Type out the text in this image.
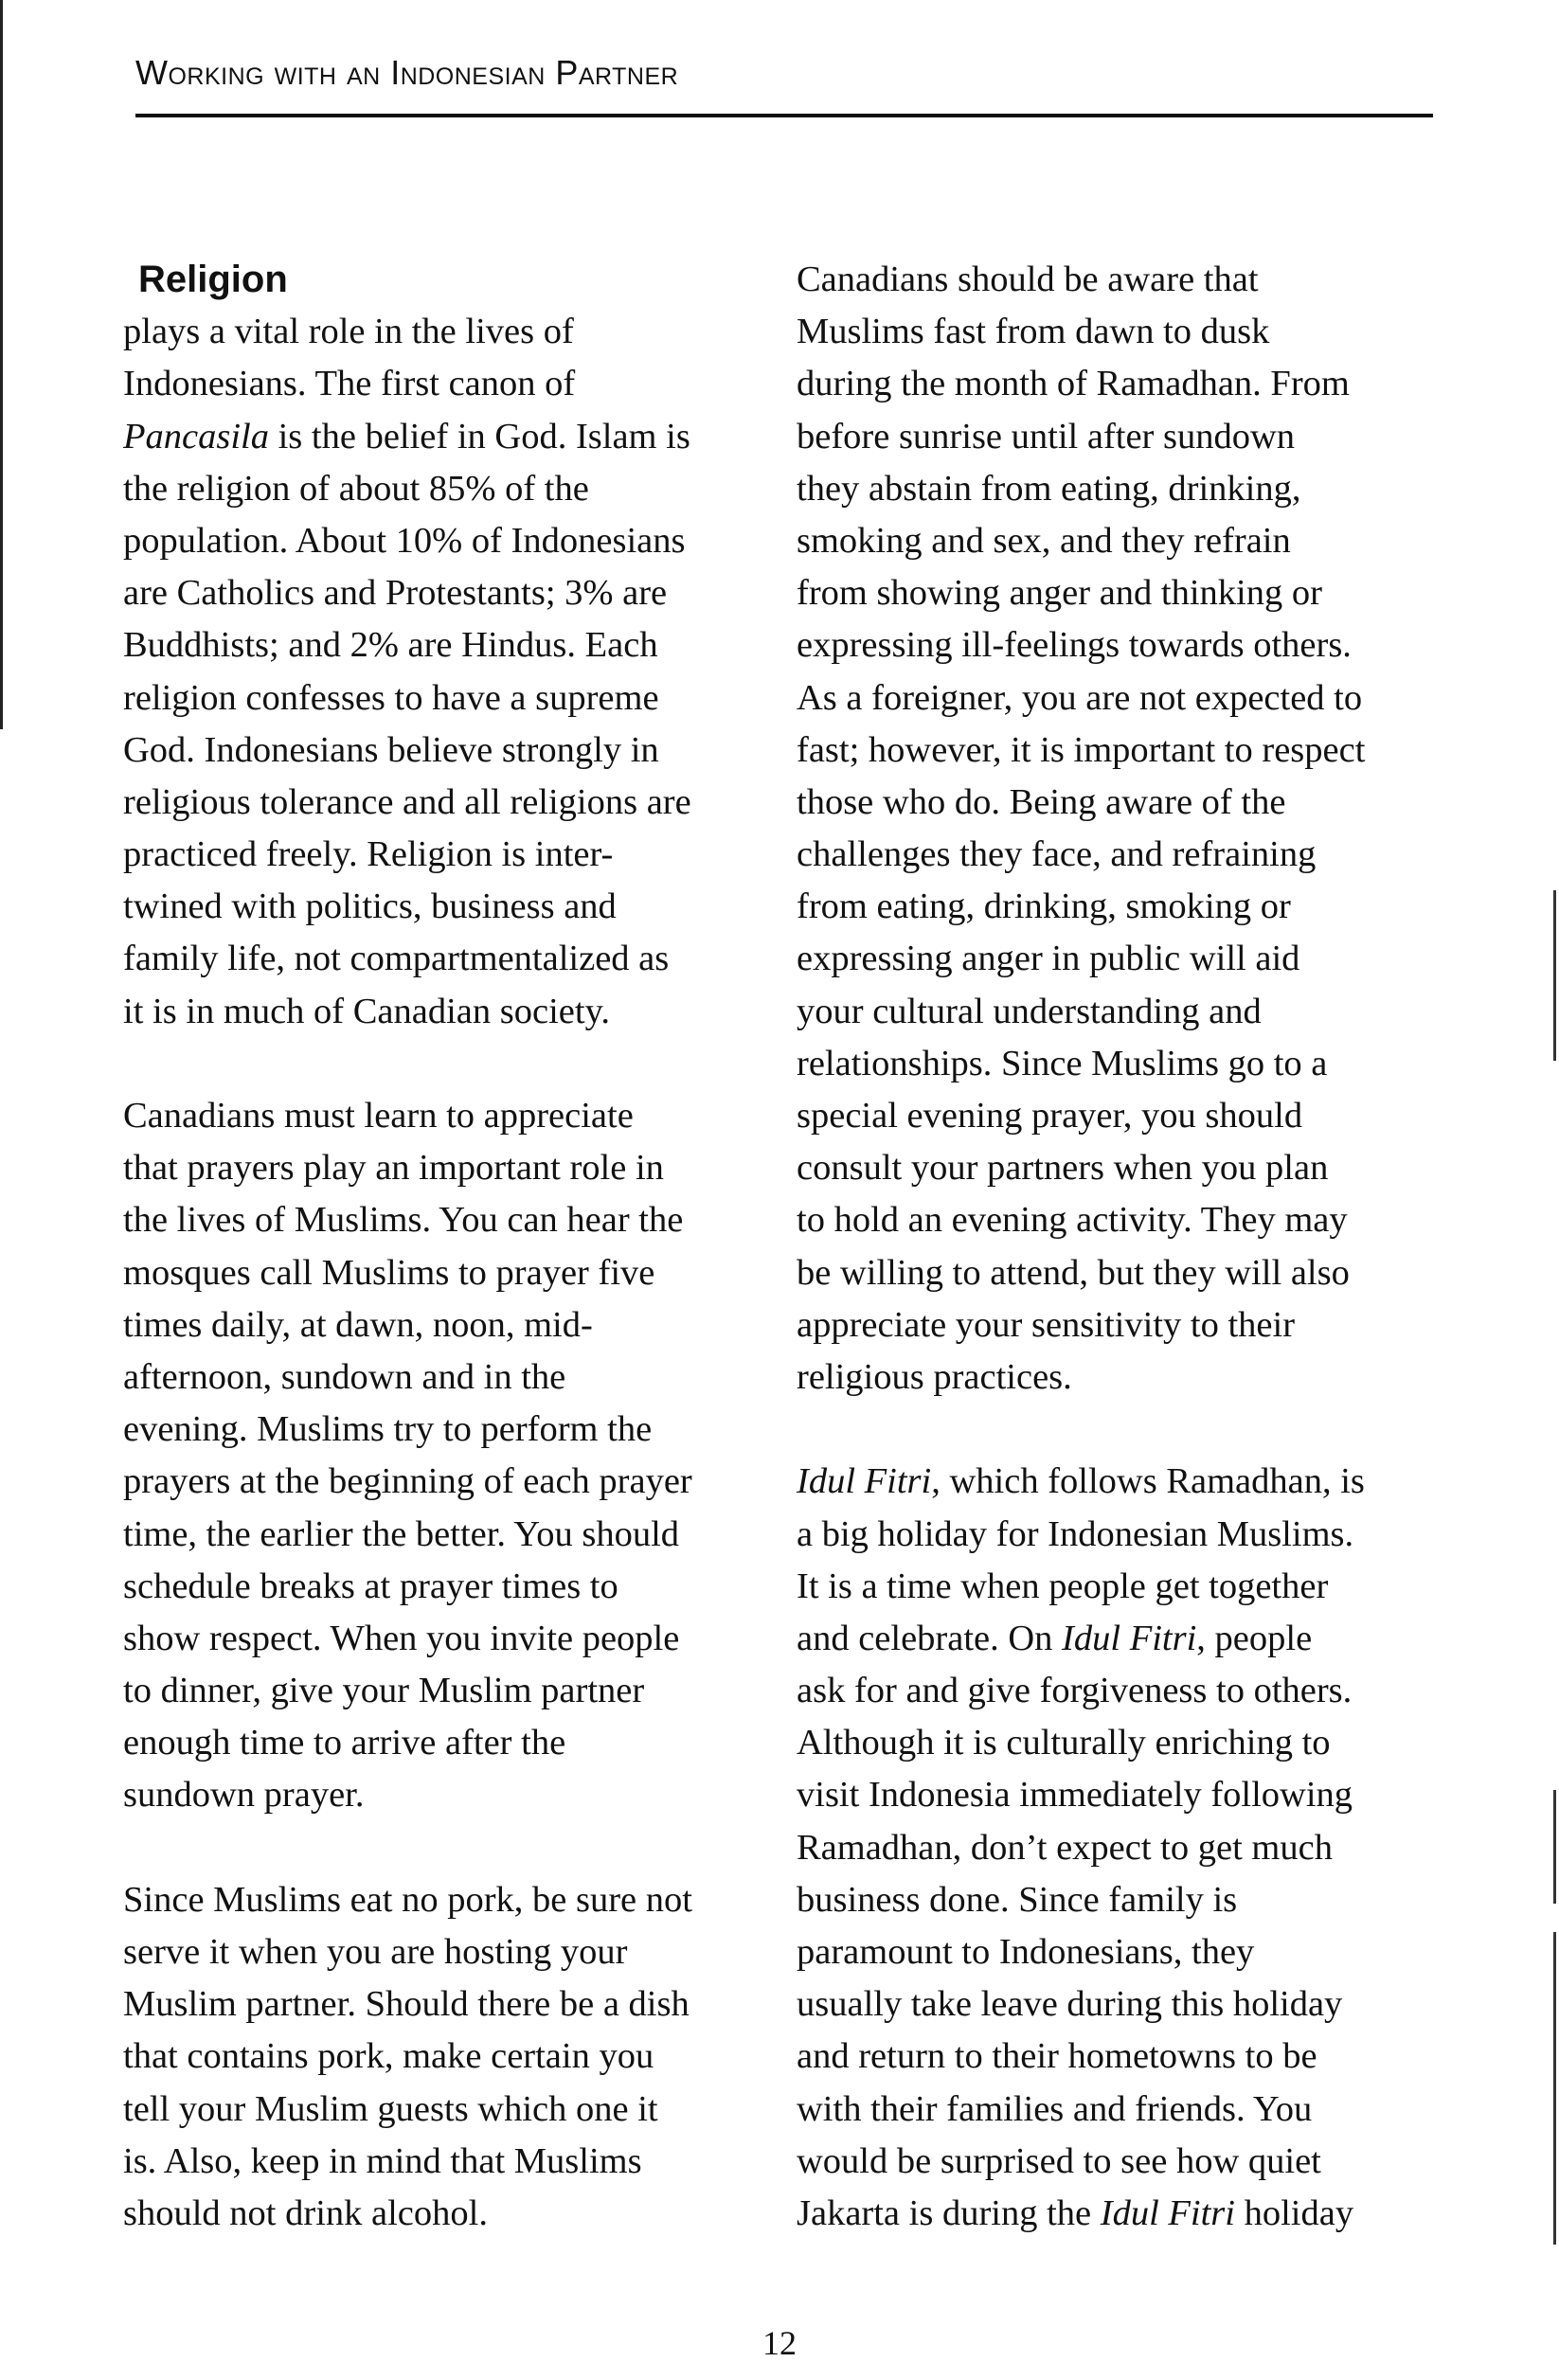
Working with an Indonesian Partner
Religion
plays a vital role in the lives of
Indonesians. The first canon of
Pancasila is the belief in God. Islam is
the religion of about 85% of the
population. About 10% of Indonesians
are Catholics and Protestants; 3% are
Buddhists; and 2% are Hindus. Each
religion confesses to have a supreme
God. Indonesians believe strongly in
religious tolerance and all religions are
practiced freely. Religion is inter-
twined with politics, business and
family life, not compartmentalized as
it is in much of Canadian society.
Canadians must learn to appreciate
that prayers play an important role in
the lives of Muslims. You can hear the
mosques call Muslims to prayer five
times daily, at dawn, noon, mid-
afternoon, sundown and in the
evening. Muslims try to perform the
prayers at the beginning of each prayer
time, the earlier the better. You should
schedule breaks at prayer times to
show respect. When you invite people
to dinner, give your Muslim partner
enough time to arrive after the
sundown prayer.
Since Muslims eat no pork, be sure not
serve it when you are hosting your
Muslim partner. Should there be a dish
that contains pork, make certain you
tell your Muslim guests which one it
is. Also, keep in mind that Muslims
should not drink alcohol.
Canadians should be aware that
Muslims fast from dawn to dusk
during the month of Ramadhan. From
before sunrise until after sundown
they abstain from eating, drinking,
smoking and sex, and they refrain
from showing anger and thinking or
expressing ill-feelings towards others.
As a foreigner, you are not expected to
fast; however, it is important to respect
those who do. Being aware of the
challenges they face, and refraining
from eating, drinking, smoking or
expressing anger in public will aid
your cultural understanding and
relationships. Since Muslims go to a
special evening prayer, you should
consult your partners when you plan
to hold an evening activity. They may
be willing to attend, but they will also
appreciate your sensitivity to their
religious practices.
Idul Fitri, which follows Ramadhan, is
a big holiday for Indonesian Muslims.
It is a time when people get together
and celebrate. On Idul Fitri, people
ask for and give forgiveness to others.
Although it is culturally enriching to
visit Indonesia immediately following
Ramadhan, don’t expect to get much
business done. Since family is
paramount to Indonesians, they
usually take leave during this holiday
and return to their hometowns to be
with their families and friends. You
would be surprised to see how quiet
Jakarta is during the Idul Fitri holiday
12
